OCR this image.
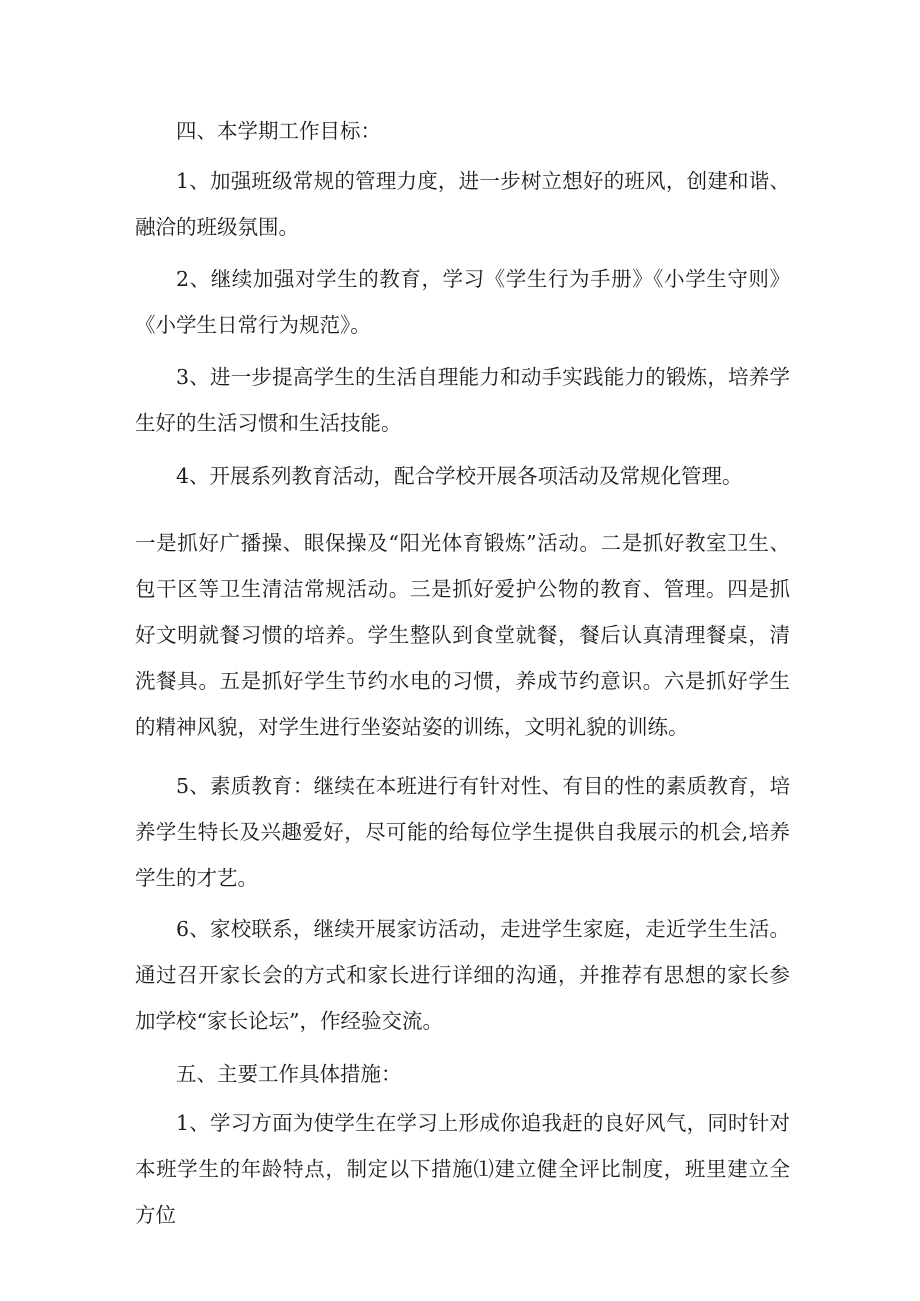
四、本学期工作目标：

1、加强班级常规的管理力度，进一步树立想好的班风，创建和谐、融洽的班级氛围。

2、继续加强对学生的教育，学习《学生行为手册》《小学生守则》《小学生日常行为规范》。

3、进一步提高学生的生活自理能力和动手实践能力的锻炼，培养学生好的生活习惯和生活技能。

4、开展系列教育活动，配合学校开展各项活动及常规化管理。

一是抓好广播操、眼保操及“阳光体育锻炼”活动。二是抓好教室卫生、包干区等卫生清洁常规活动。三是抓好爱护公物的教育、管理。四是抓好文明就餐习惯的培养。学生整队到食堂就餐，餐后认真清理餐桌，清洗餐具。五是抓好学生节约水电的习惯，养成节约意识。六是抓好学生的精神风貌，对学生进行坐姿站姿的训练，文明礼貌的训练。

5、素质教育：继续在本班进行有针对性、有目的性的素质教育，培养学生特长及兴趣爱好，尽可能的给每位学生提供自我展示的机会,培养学生的才艺。

6、家校联系，继续开展家访活动，走进学生家庭，走近学生生活。通过召开家长会的方式和家长进行详细的沟通，并推荐有思想的家长参加学校“家长论坛”，作经验交流。

五、主要工作具体措施：

1、学习方面为使学生在学习上形成你追我赶的良好风气，同时针对本班学生的年龄特点，制定以下措施⑴建立健全评比制度，班里建立全方位
